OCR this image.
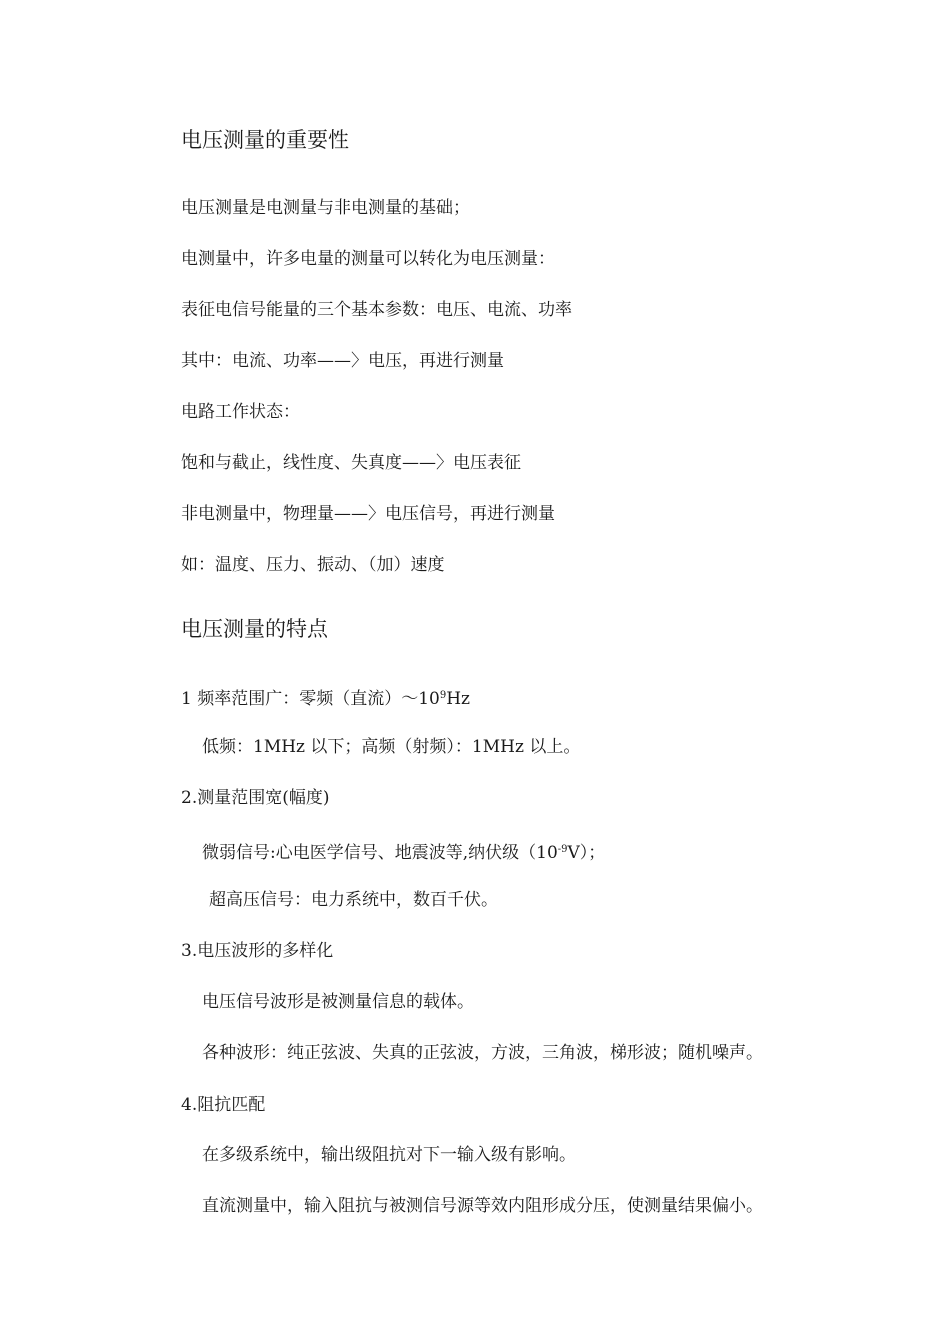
电压测量的重要性

电压测量是电测量与非电测量的基础；

电测量中，许多电量的测量可以转化为电压测量：

表征电信号能量的三个基本参数：电压、电流、功率

其中：电流、功率——〉电压，再进行测量

电路工作状态：

饱和与截止，线性度、失真度——〉电压表征

非电测量中，物理量——〉电压信号，再进行测量

如：温度、压力、振动、（加）速度

电压测量的特点

1 频率范围广：零频（直流）$\sim 10^9Hz$

低频：1MHz 以下；高频（射频）：1MHz 以上。

2.测量范围宽(幅度)

微弱信号:心电医学信号、地震波等,纳伏级$(10^{-9}V)$；

超高压信号：电力系统中，数百千伏。

3.电压波形的多样化

电压信号波形是被测量信息的载体。

各种波形：纯正弦波、失真的正弦波，方波，三角波，梯形波；随机噪声。

4.阻抗匹配

在多级系统中，输出级阻抗对下一输入级有影响。

直流测量中，输入阻抗与被测信号源等效内阻形成分压，使测量结果偏小。
